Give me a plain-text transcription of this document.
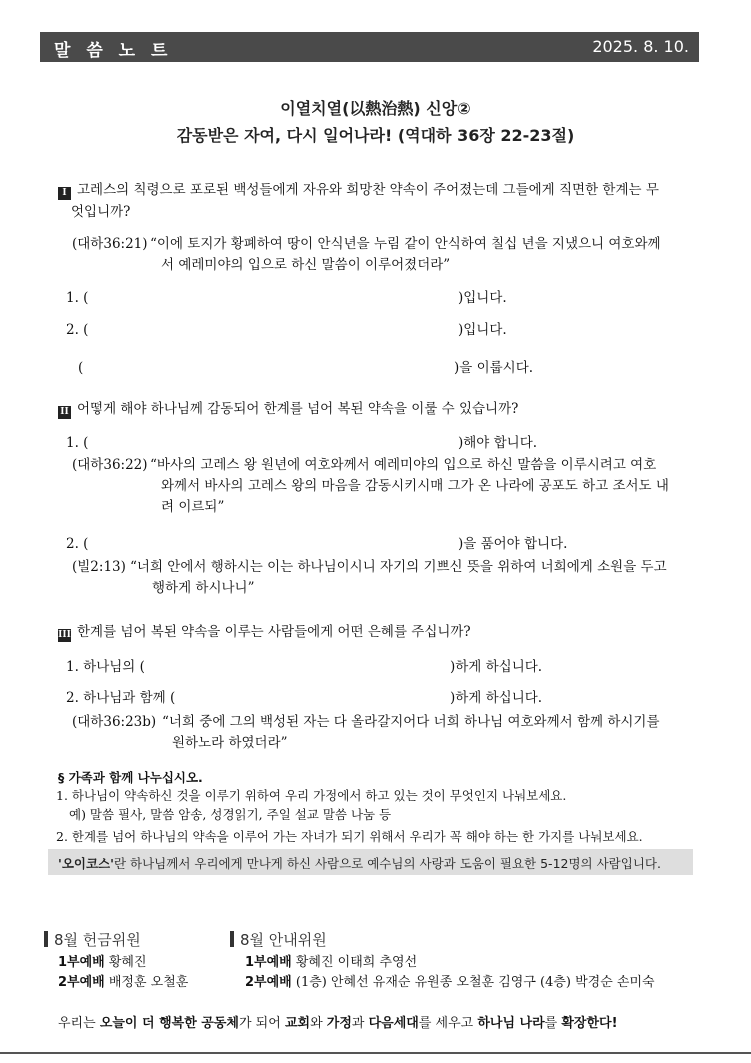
말 씀 노 트	2025. 8. 10.
이열치열(以熱治熱) 신앙②
감동받은 자여, 다시 일어나라! (역대하 36장 22-23절)
I 고레스의 칙령으로 포로된 백성들에게 자유와 희망찬 약속이 주어졌는데 그들에게 직면한 한계는 무
엇입니까?
(대하36:21) “이에 토지가 황폐하여 땅이 안식년을 누림 같이 안식하여 칠십 년을 지냈으니 여호와께
서 예레미야의 입으로 하신 말씀이 이루어졌더라”
1. (	)입니다.
2. (	)입니다.
(	)을 이룹시다.
II 어떻게 해야 하나님께 감동되어 한계를 넘어 복된 약속을 이룰 수 있습니까?
1. (	)해야 합니다.
(대하36:22) “바사의 고레스 왕 원년에 여호와께서 예레미야의 입으로 하신 말씀을 이루시려고 여호
와께서 바사의 고레스 왕의 마음을 감동시키시매 그가 온 나라에 공포도 하고 조서도 내
려 이르되”
2. (	)을 품어야 합니다.
(빌2:13) “너희 안에서 행하시는 이는 하나님이시니 자기의 기쁘신 뜻을 위하여 너희에게 소원을 두고
행하게 하시나니”
III 한계를 넘어 복된 약속을 이루는 사람들에게 어떤 은혜를 주십니까?
1. 하나님의 (	)하게 하십니다.
2. 하나님과 함께 (	)하게 하십니다.
(대하36:23b) “너희 중에 그의 백성된 자는 다 올라갈지어다 너희 하나님 여호와께서 함께 하시기를
원하노라 하였더라”
§ 가족과 함께 나누십시오.
1. 하나님이 약속하신 것을 이루기 위하여 우리 가정에서 하고 있는 것이 무엇인지 나눠보세요.
예) 말씀 필사, 말씀 암송, 성경읽기, 주일 설교 말씀 나눔 등
2. 한계를 넘어 하나님의 약속을 이루어 가는 자녀가 되기 위해서 우리가 꼭 해야 하는 한 가지를 나눠보세요.
'오이코스'란 하나님께서 우리에게 만나게 하신 사람으로 예수님의 사랑과 도움이 필요한 5-12명의 사람입니다.
8월 헌금위원
1부예배 황혜진
2부예배 배정훈 오철훈
8월 안내위원
1부예배 황혜진 이태희 추영선
2부예배 (1층) 안혜선 유재순 유원종 오철훈 김영구 (4층) 박경순 손미숙
우리는 오늘이 더 행복한 공동체가 되어 교회와 가정과 다음세대를 세우고 하나님 나라를 확장한다!
